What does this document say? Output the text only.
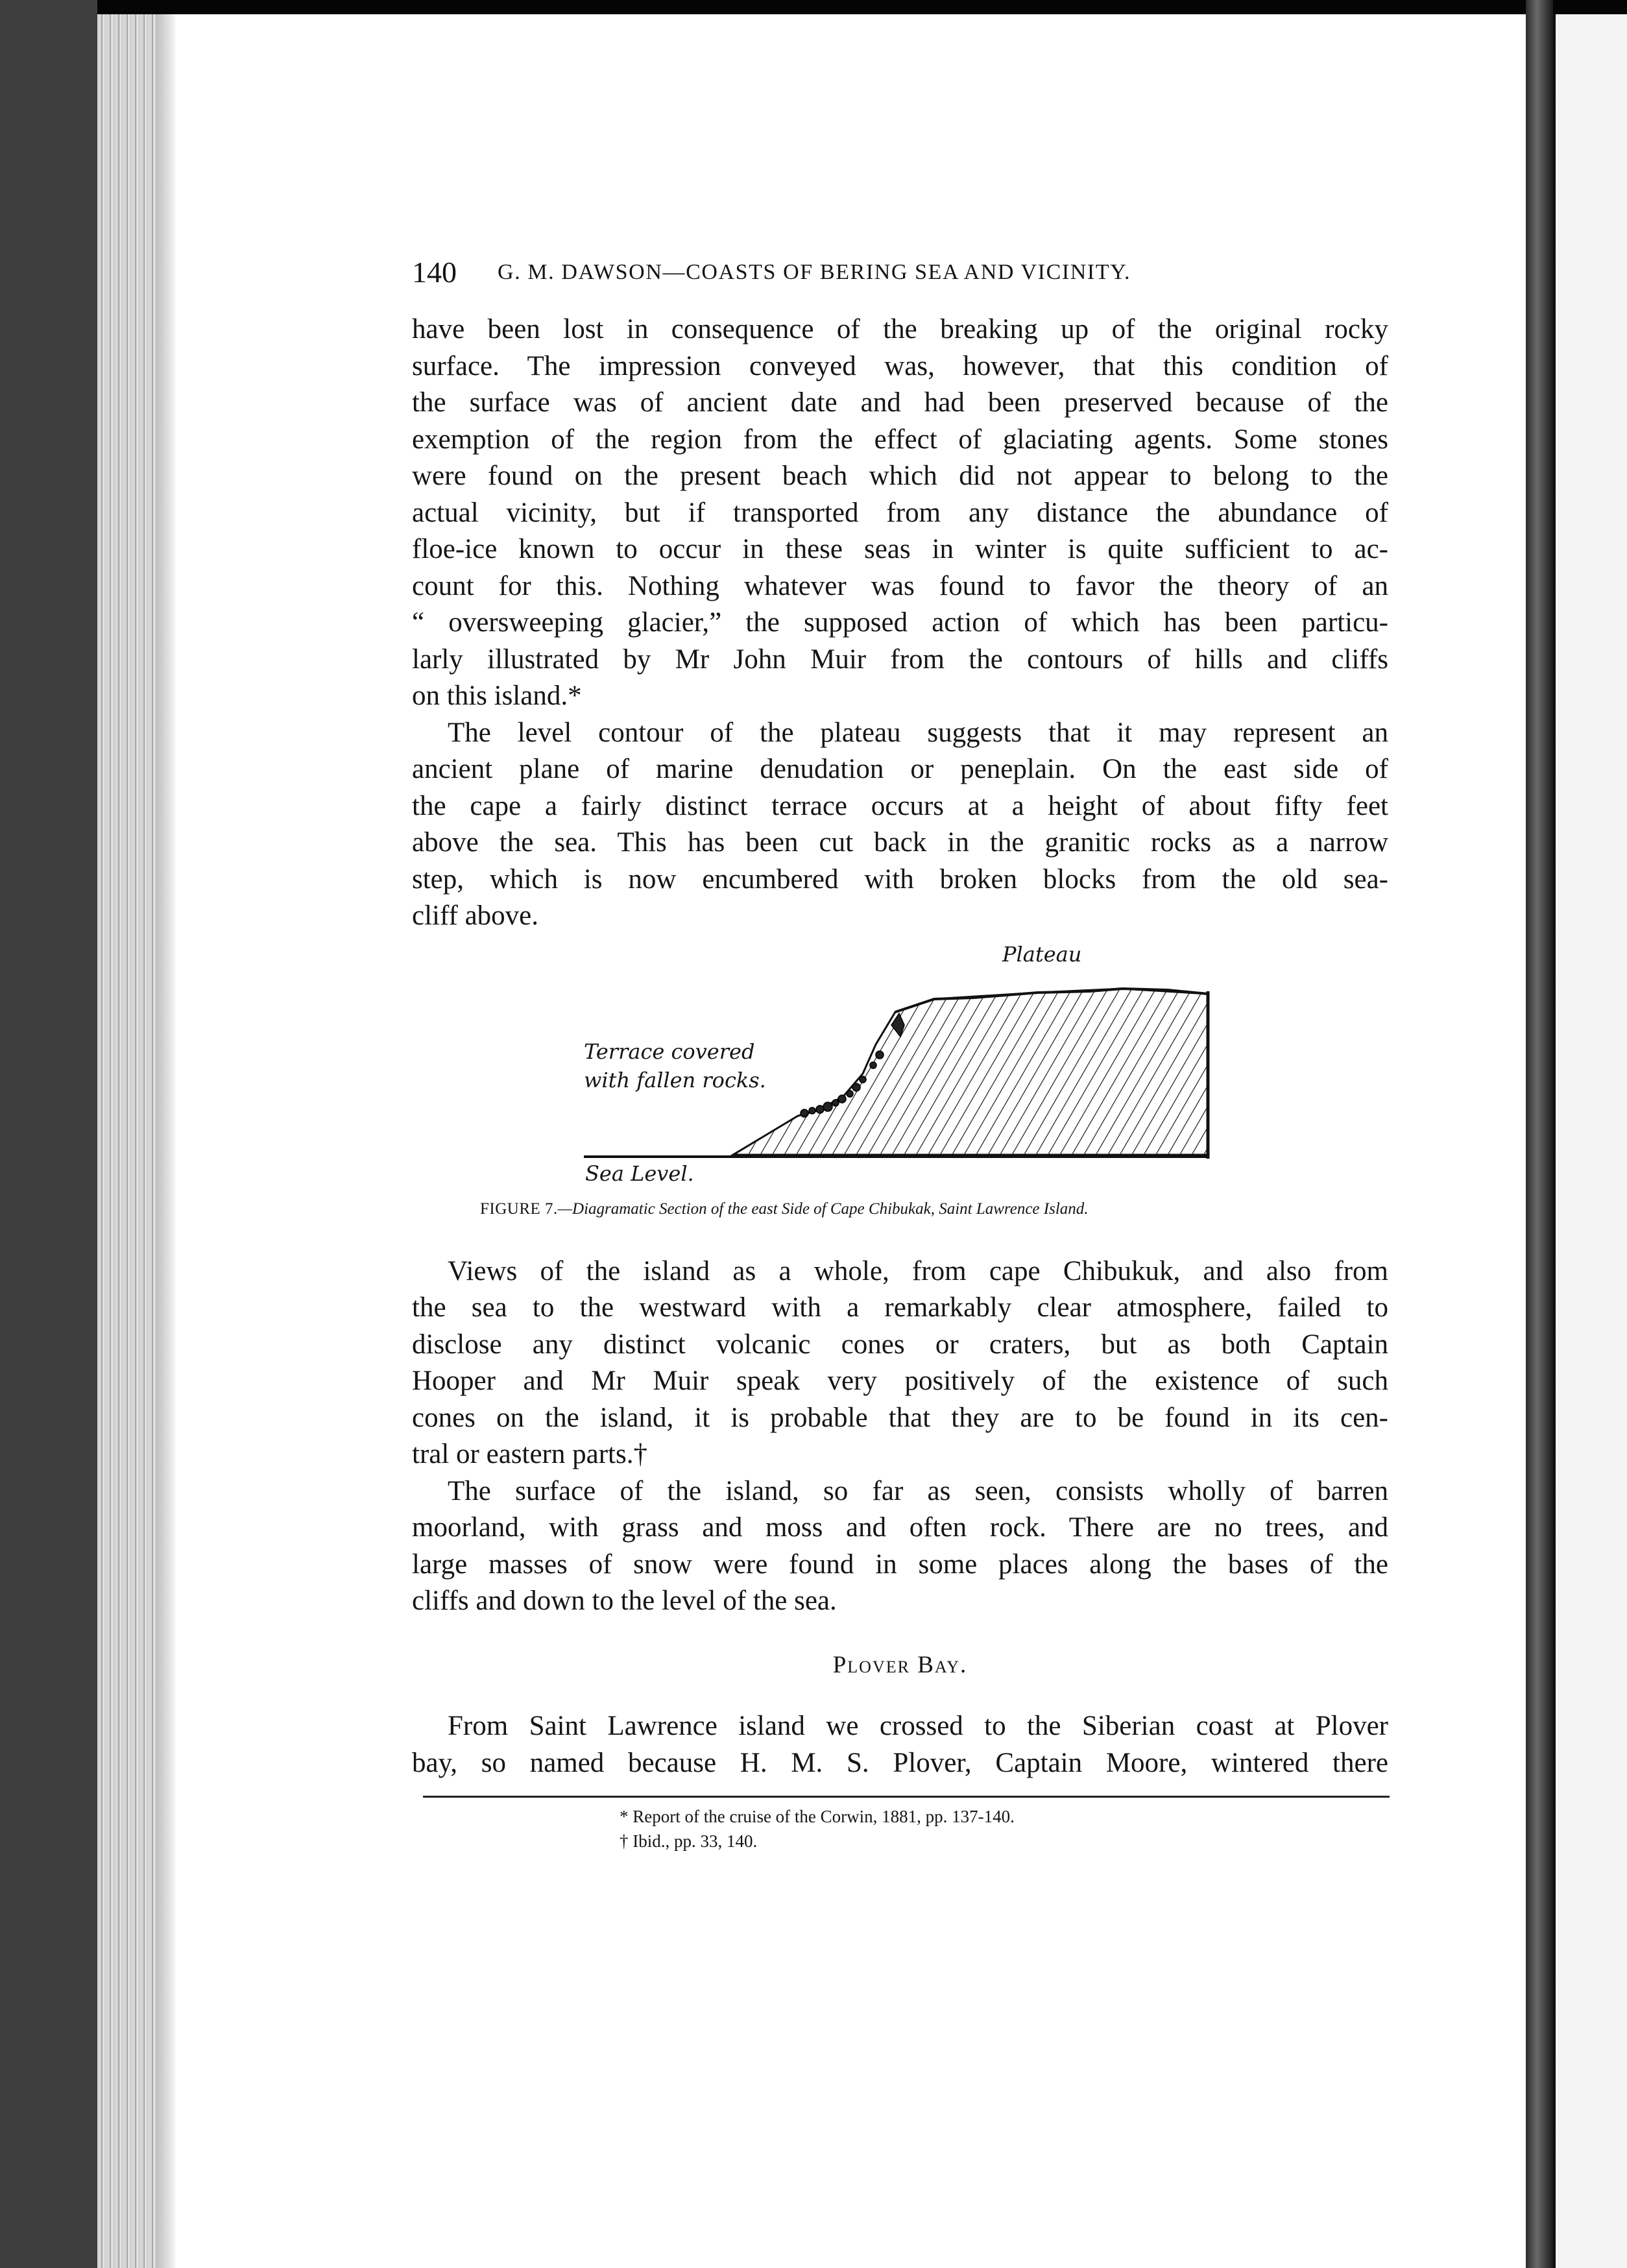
140 G. M. DAWSON—COASTS OF BERING SEA AND VICINITY.
have been lost in consequence of the breaking up of the original rocky
surface. The impression conveyed was, however, that this condition of
the surface was of ancient date and had been preserved because of the
exemption of the region from the effect of glaciating agents. Some stones
were found on the present beach which did not appear to belong to the
actual vicinity, but if transported from any distance the abundance of
floe-ice known to occur in these seas in winter is quite sufficient to ac-
count for this. Nothing whatever was found to favor the theory of an
“ oversweeping glacier,” the supposed action of which has been particu-
larly illustrated by Mr John Muir from the contours of hills and cliffs
on this island.*
The level contour of the plateau suggests that it may represent an
ancient plane of marine denudation or peneplain. On the east side of
the cape a fairly distinct terrace occurs at a height of about fifty feet
above the sea. This has been cut back in the granitic rocks as a narrow
step, which is now encumbered with broken blocks from the old sea-
cliff above.
Plateau
Terrace covered
with fallen rocks.
Sea Level.
FIGURE 7.—Diagramatic Section of the east Side of Cape Chibukak, Saint Lawrence Island.
Views of the island as a whole, from cape Chibukuk, and also from
the sea to the westward with a remarkably clear atmosphere, failed to
disclose any distinct volcanic cones or craters, but as both Captain
Hooper and Mr Muir speak very positively of the existence of such
cones on the island, it is probable that they are to be found in its cen-
tral or eastern parts.†
The surface of the island, so far as seen, consists wholly of barren
moorland, with grass and moss and often rock. There are no trees, and
large masses of snow were found in some places along the bases of the
cliffs and down to the level of the sea.
Plover Bay.
From Saint Lawrence island we crossed to the Siberian coast at Plover
bay, so named because H. M. S. Plover, Captain Moore, wintered there
* Report of the cruise of the Corwin, 1881, pp. 137-140.
† Ibid., pp. 33, 140.
